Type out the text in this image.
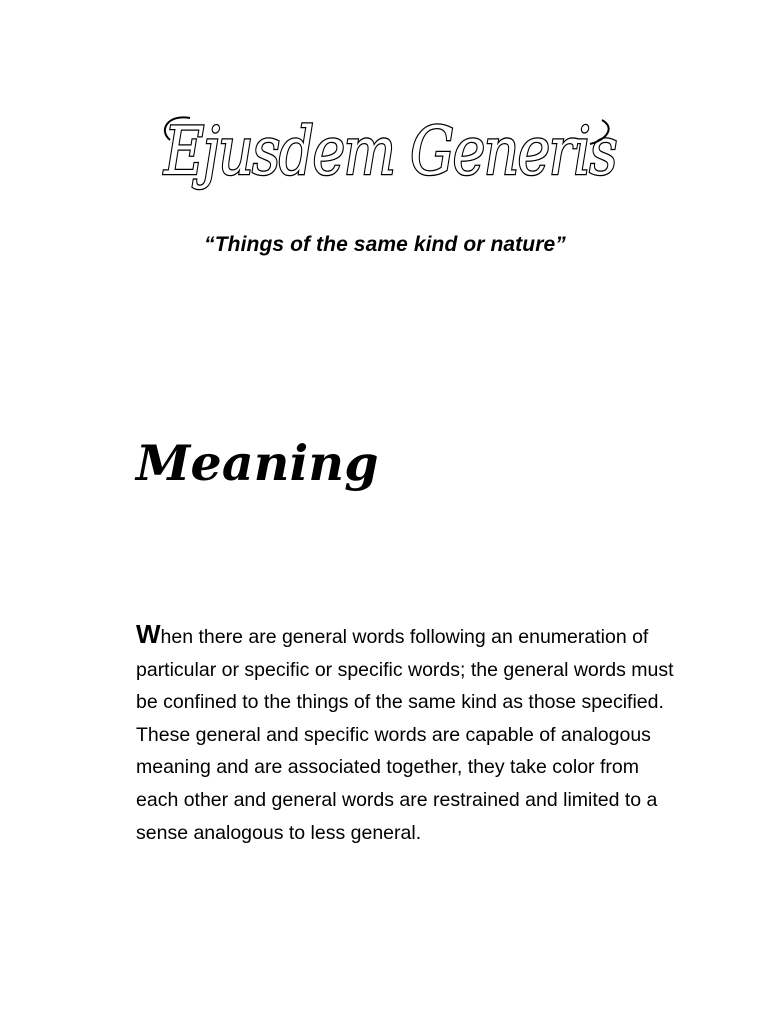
Ejusdem Generis
“Things of the same kind or nature”
Meaning

When there are general words following an enumeration of particular or specific or specific words; the general words must be confined to the things of the same kind as those specified. These general and specific words are capable of analogous meaning and are associated together, they take color from each other and general words are restrained and limited to a sense analogous to less general.
